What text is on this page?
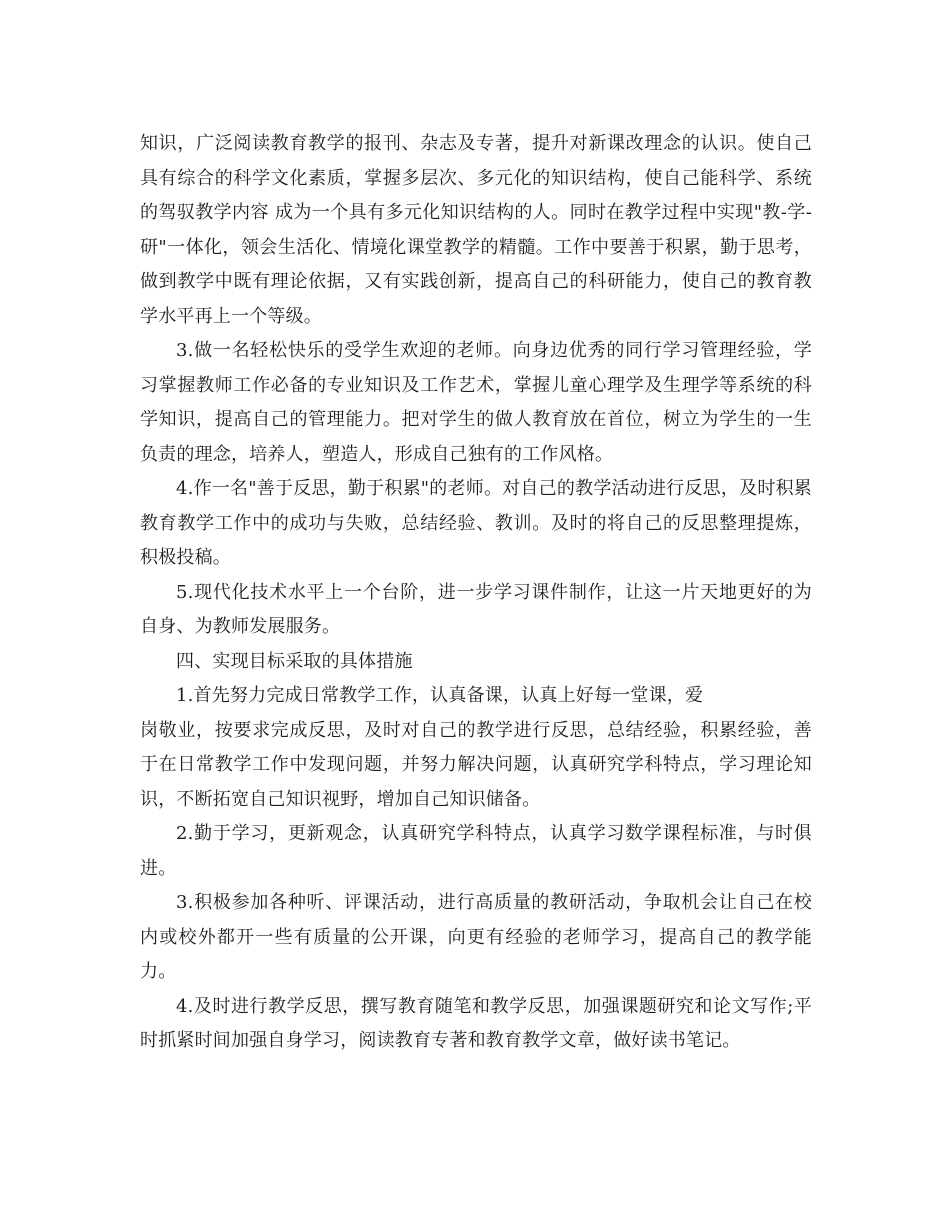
知识，广泛阅读教育教学的报刊、杂志及专著，提升对新课改理念的认识。使自己具有综合的科学文化素质，掌握多层次、多元化的知识结构，使自己能科学、系统的驾驭教学内容 成为一个具有多元化知识结构的人。同时在教学过程中实现"教-学-研"一体化，领会生活化、情境化课堂教学的精髓。工作中要善于积累，勤于思考，做到教学中既有理论依据，又有实践创新，提高自己的科研能力，使自己的教育教学水平再上一个等级。

3.做一名轻松快乐的受学生欢迎的老师。向身边优秀的同行学习管理经验，学习掌握教师工作必备的专业知识及工作艺术，掌握儿童心理学及生理学等系统的科学知识，提高自己的管理能力。把对学生的做人教育放在首位，树立为学生的一生负责的理念，培养人，塑造人，形成自己独有的工作风格。

4.作一名"善于反思，勤于积累"的老师。对自己的教学活动进行反思，及时积累教育教学工作中的成功与失败，总结经验、教训。及时的将自己的反思整理提炼，积极投稿。

5.现代化技术水平上一个台阶，进一步学习课件制作，让这一片天地更好的为自身、为教师发展服务。

四、实现目标采取的具体措施

1.首先努力完成日常教学工作，认真备课，认真上好每一堂课，爱

岗敬业，按要求完成反思，及时对自己的教学进行反思，总结经验，积累经验，善于在日常教学工作中发现问题，并努力解决问题，认真研究学科特点，学习理论知识，不断拓宽自己知识视野，增加自己知识储备。

2.勤于学习，更新观念，认真研究学科特点，认真学习数学课程标准，与时俱进。

3.积极参加各种听、评课活动，进行高质量的教研活动，争取机会让自己在校内或校外都开一些有质量的公开课，向更有经验的老师学习，提高自己的教学能力。

4.及时进行教学反思，撰写教育随笔和教学反思，加强课题研究和论文写作;平时抓紧时间加强自身学习，阅读教育专著和教育教学文章，做好读书笔记。
